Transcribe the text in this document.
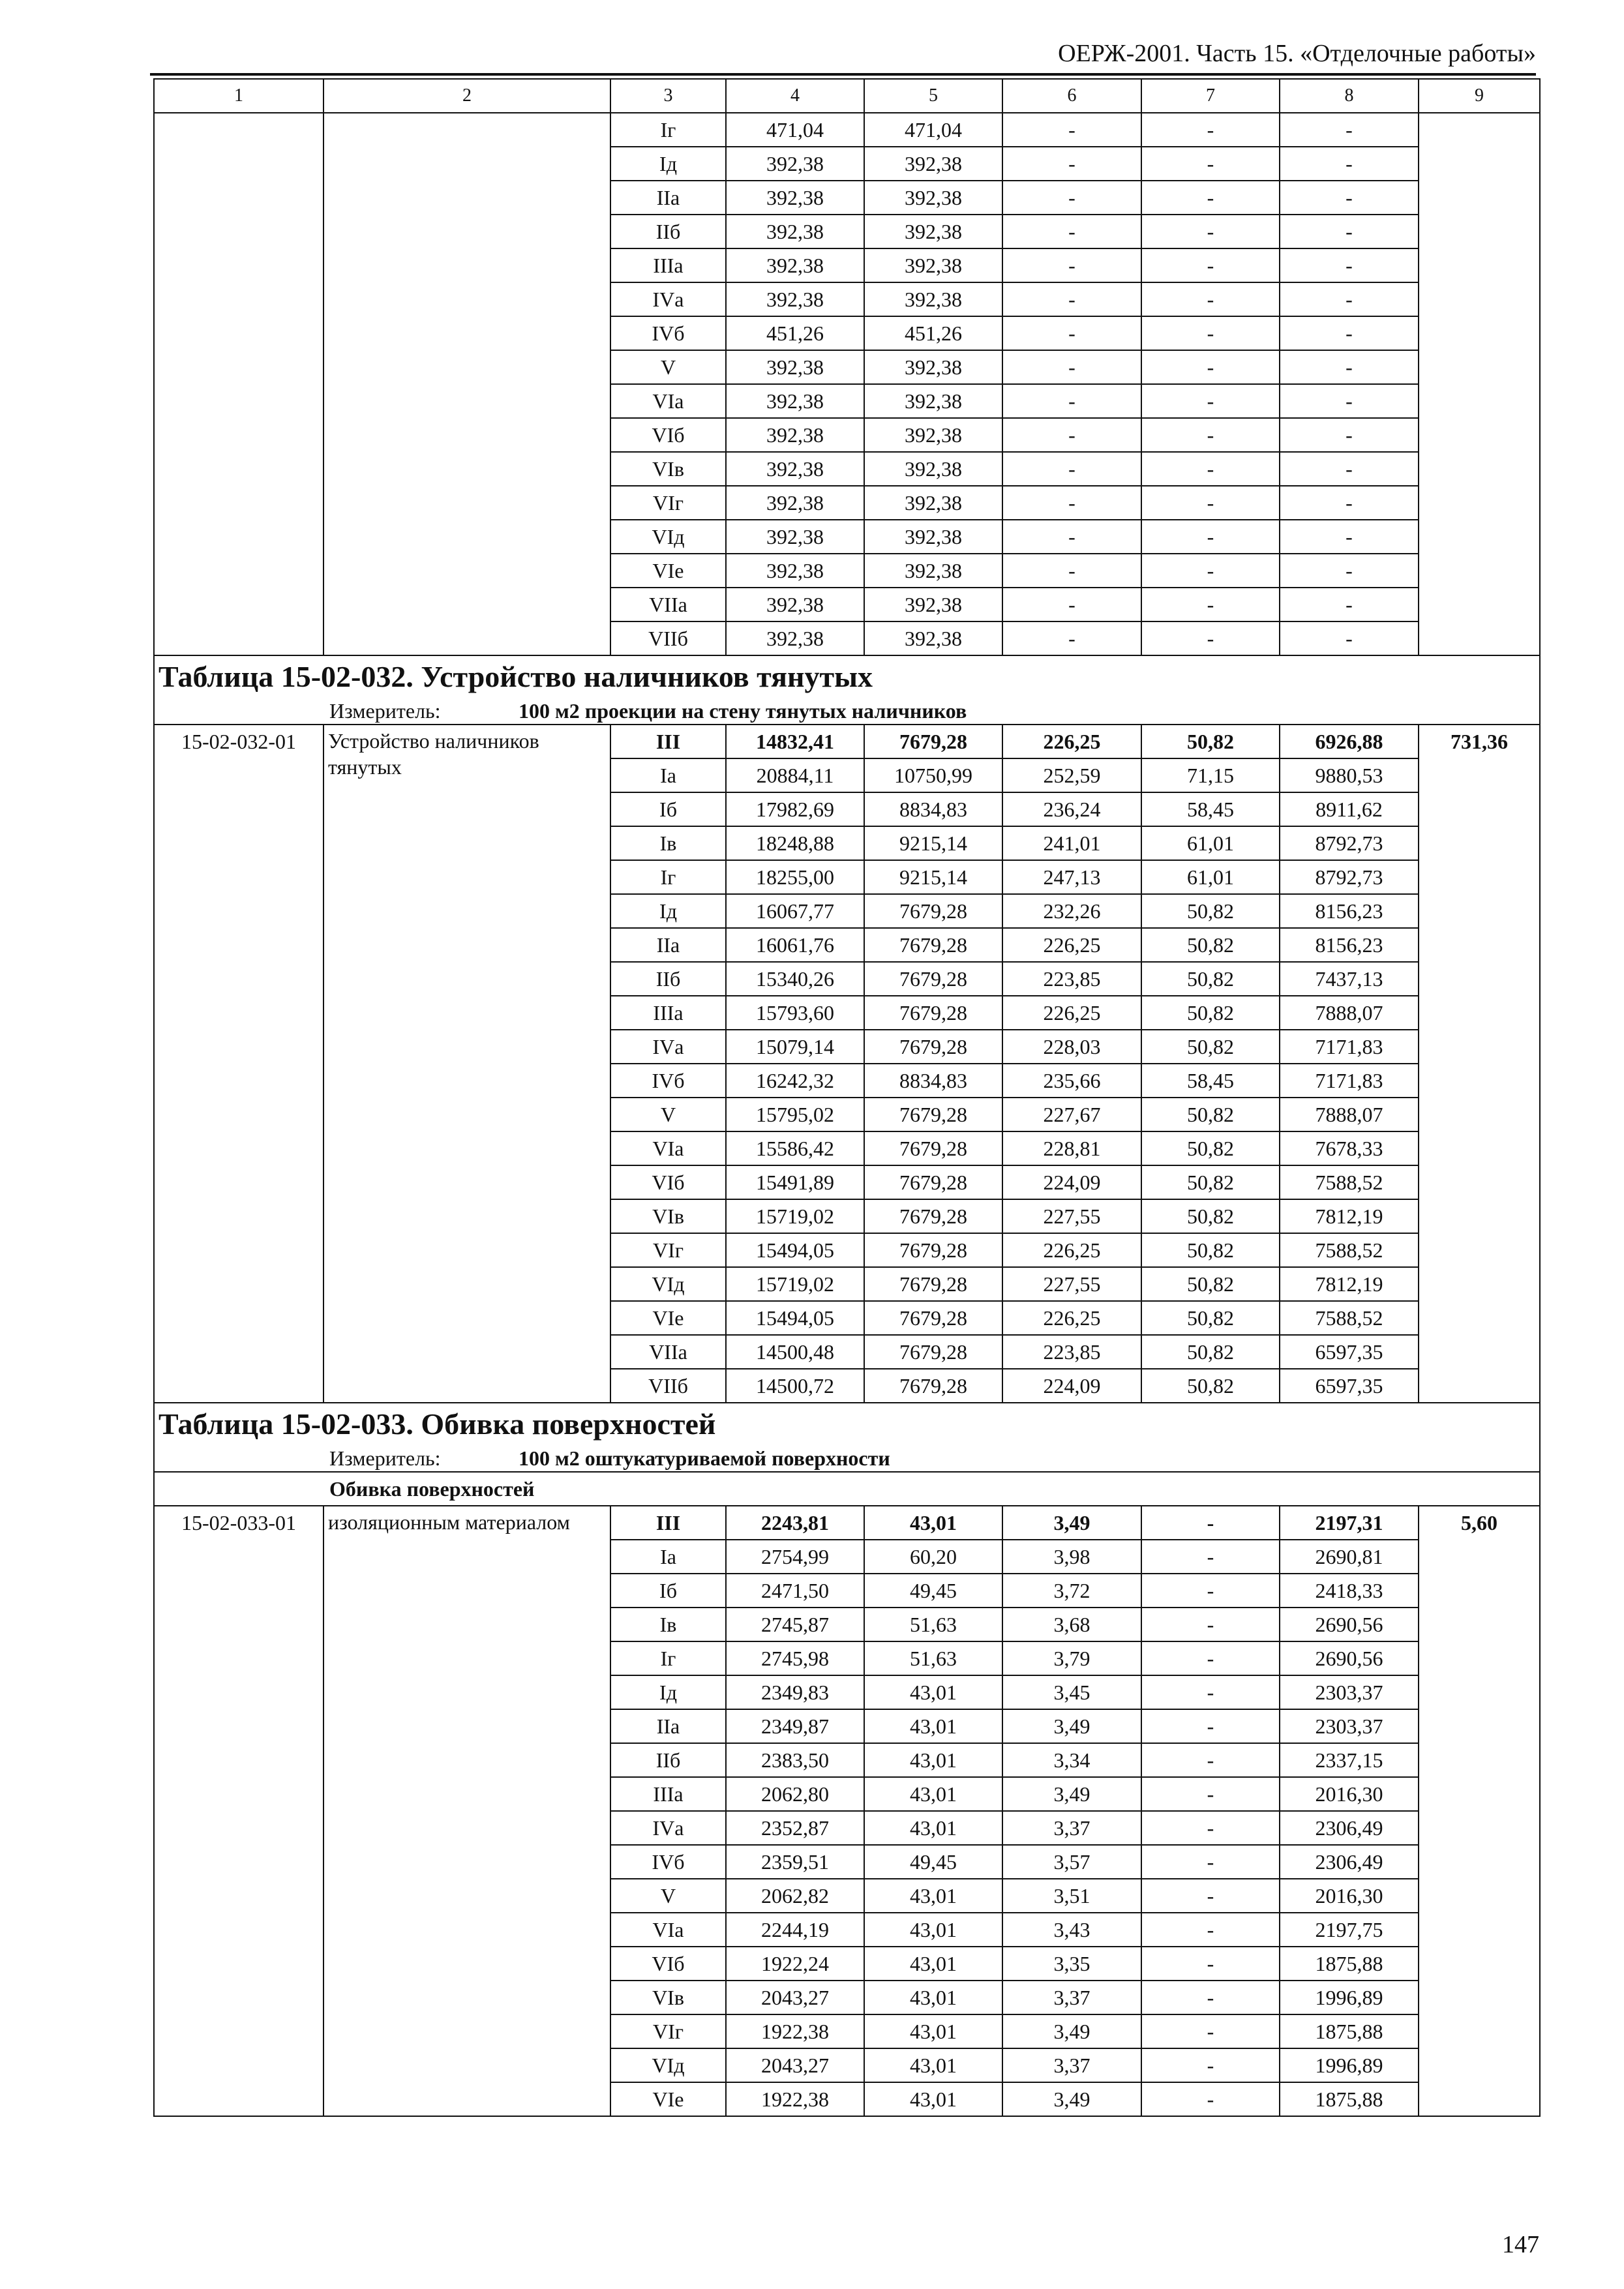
ОЕРЖ-2001. Часть 15. «Отделочные работы»
1	2	3	4	5	6	7	8	9
		Iг	471,04	471,04	-	-	-	
		Iд	392,38	392,38	-	-	-	
		IIа	392,38	392,38	-	-	-	
		IIб	392,38	392,38	-	-	-	
		IIIа	392,38	392,38	-	-	-	
		IVа	392,38	392,38	-	-	-	
		IVб	451,26	451,26	-	-	-	
		V	392,38	392,38	-	-	-	
		VIа	392,38	392,38	-	-	-	
		VIб	392,38	392,38	-	-	-	
		VIв	392,38	392,38	-	-	-	
		VIг	392,38	392,38	-	-	-	
		VIд	392,38	392,38	-	-	-	
		VIе	392,38	392,38	-	-	-	
		VIIа	392,38	392,38	-	-	-	
		VIIб	392,38	392,38	-	-	-	
Таблица 15-02-032. Устройство наличников тянутых								
Измеритель: 100 м2 проекции на стену тянутых наличников								
15-02-032-01	Устройство наличников тянутых	III	14832,41	7679,28	226,25	50,82	6926,88	731,36
		Iа	20884,11	10750,99	252,59	71,15	9880,53	
		Iб	17982,69	8834,83	236,24	58,45	8911,62	
		Iв	18248,88	9215,14	241,01	61,01	8792,73	
		Iг	18255,00	9215,14	247,13	61,01	8792,73	
		Iд	16067,77	7679,28	232,26	50,82	8156,23	
		IIа	16061,76	7679,28	226,25	50,82	8156,23	
		IIб	15340,26	7679,28	223,85	50,82	7437,13	
		IIIа	15793,60	7679,28	226,25	50,82	7888,07	
		IVа	15079,14	7679,28	228,03	50,82	7171,83	
		IVб	16242,32	8834,83	235,66	58,45	7171,83	
		V	15795,02	7679,28	227,67	50,82	7888,07	
		VIа	15586,42	7679,28	228,81	50,82	7678,33	
		VIб	15491,89	7679,28	224,09	50,82	7588,52	
		VIв	15719,02	7679,28	227,55	50,82	7812,19	
		VIг	15494,05	7679,28	226,25	50,82	7588,52	
		VIд	15719,02	7679,28	227,55	50,82	7812,19	
		VIе	15494,05	7679,28	226,25	50,82	7588,52	
		VIIа	14500,48	7679,28	223,85	50,82	6597,35	
		VIIб	14500,72	7679,28	224,09	50,82	6597,35	
Таблица 15-02-033. Обивка поверхностей								
Измеритель: 100 м2 оштукатуриваемой поверхности								
Обивка поверхностей								
15-02-033-01	изоляционным материалом	III	2243,81	43,01	3,49	-	2197,31	5,60
		Iа	2754,99	60,20	3,98	-	2690,81	
		Iб	2471,50	49,45	3,72	-	2418,33	
		Iв	2745,87	51,63	3,68	-	2690,56	
		Iг	2745,98	51,63	3,79	-	2690,56	
		Iд	2349,83	43,01	3,45	-	2303,37	
		IIа	2349,87	43,01	3,49	-	2303,37	
		IIб	2383,50	43,01	3,34	-	2337,15	
		IIIа	2062,80	43,01	3,49	-	2016,30	
		IVа	2352,87	43,01	3,37	-	2306,49	
		IVб	2359,51	49,45	3,57	-	2306,49	
		V	2062,82	43,01	3,51	-	2016,30	
		VIа	2244,19	43,01	3,43	-	2197,75	
		VIб	1922,24	43,01	3,35	-	1875,88	
		VIв	2043,27	43,01	3,37	-	1996,89	
		VIг	1922,38	43,01	3,49	-	1875,88	
		VIд	2043,27	43,01	3,37	-	1996,89	
		VIе	1922,38	43,01	3,49	-	1875,88	
147
